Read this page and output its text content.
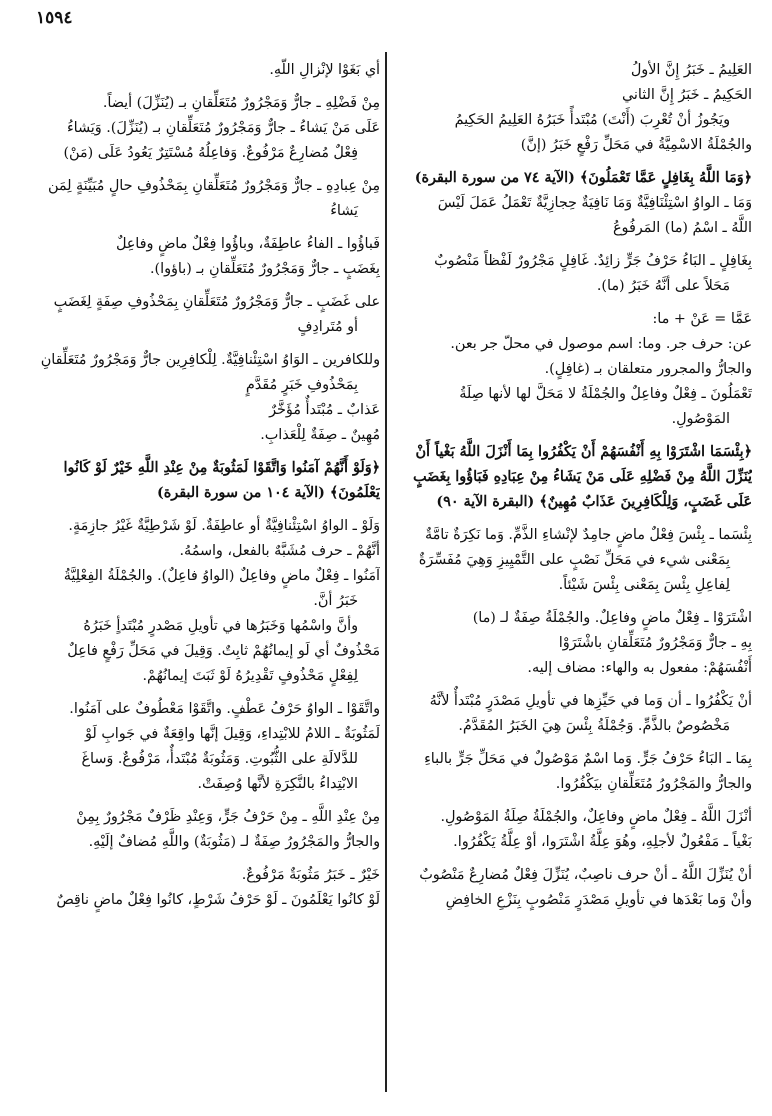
١٥٩٤

العَلِيمُ ـ خَبَرُ إِنَّ الأولُ

الحَكِيمُ ـ خَبَرُ إِنَّ الثاني

ويَجُوزُ أنْ تُعْرِبَ (أَنْتَ) مُبْتَدأً خَبَرُهُ العَلِيمُ الحَكِيمُ

والجُمْلَةُ الاسْمِيَّةُ في مَحَلِّ رَفْعٍ خَبَرُ (إنَّ)

﴿وَمَا اللَّهُ بِغَافِلٍ عَمَّا تَعْمَلُونَ﴾ (الآية ٧٤ من سورة البقرة)

وَمَا ـ الواوُ اسْتِئْنَافِيَّةٌ وَمَا نَافِيَةٌ حِجازِيَّةٌ تَعْمَلُ عَمَلَ لَيْسَ

اللَّهُ ـ اسْمُ (ما) المَرفُوعُ

بِغَافِلٍ ـ البَاءُ حَرْفُ جَرٍّ زائِدٌ. غَافِلٍ مَجْرُورٌ لَفْظاً مَنْصُوبٌ

مَحَلاً على أنَّهُ خَبَرُ (ما).

عَمَّا = عَنْ + ما:

عن: حرف جر. وما: اسم موصول في محلّ جر بعن.

والجارُّ والمجرور متعلقان بـ (غافِلٍ).

تَعْمَلُونَ ـ فِعْلٌ وفاعِلٌ والجُمْلَةُ لا مَحَلَّ لها لأنها صِلَةُ

المَوْصُولِ.

﴿بِئْسَمَا اشْتَرَوْا بِهِ أَنْفُسَهُمْ أَنْ يَكْفُرُوا بِمَا أَنْزَلَ اللَّهُ بَغْياً أَنْ

يُنَزِّلَ اللَّهُ مِنْ فَضْلِهِ عَلَى مَنْ يَشَاءُ مِنْ عِبَادِهِ فَبَاؤُوا بِغَضَبٍ

عَلَى غَضَبٍ، وَلِلْكَافِرِينَ عَذَابٌ مُهِينٌ﴾ (البقرة الآية ٩٠)

بِئْسَما ـ بِئْسَ فِعْلٌ ماضٍ جامِدٌ لإنْشاءِ الذَّمِّ. وَما نَكِرَةٌ تامَّةٌ

بِمَعْنى شيء في مَحَلِّ نَصْبٍ على التَّمْيِيزِ وَهِيَ مُفَسِّرَةٌ

لِفاعِلِ بِئْسَ بِمَعْنى بِئْسَ شَيْئاً.

اشْتَرَوْا ـ فِعْلٌ ماضٍ وفاعِلٌ. والجُمْلَةُ صِفَةٌ لـ (ما)

بِهِ ـ جارٌّ وَمَجْرُورٌ مُتَعَلِّقانِ باشْتَرَوْا

أَنْفُسَهُمْ: مفعول به والهاء: مضاف إليه.

أنْ يَكْفُرُوا ـ أن وَما في حَيِّزِها في تأويلِ مَصْدَرٍ مُبْتَدأٌ لأنَّهُ

مَخْصُوصٌ بالذَّمِّ. وَجُمْلَةُ بِئْسَ هِيَ الخَبَرُ المُقَدَّمُ.

بِمَا ـ البَاءُ حَرْفُ جَرٍّ. وَما اسْمٌ مَوْصُولٌ في مَحَلِّ جَرٍّ بالباءِ

والجارُّ والمَجْرُورُ مُتَعَلِّقانِ بيَكْفُرُوا.

أنْزَلَ اللَّهُ ـ فِعْلٌ ماضٍ وفاعِلٌ، والجُمْلَةُ صِلَةُ المَوْصُولِ.

بَغْياً ـ مَفْعُولٌ لأجلِهِ، وهُوَ عِلَّةُ اشْتَرَوا، أوْ عِلَّةُ يَكْفُرُوا.

أنْ يُنَزِّلَ اللَّهُ ـ أنْ حرف ناصِبٌ، يُنَزِّلَ فِعْلٌ مُضارِعٌ مَنْصُوبٌ

وأنْ وَما بَعْدَها في تأويلِ مَصْدَرٍ مَنْصُوبٍ بِنَزْعِ الخافِضِ

أي بَغَوْا لإنْزالِ اللَّهِ.

مِنْ فَضْلِهِ ـ جارٌّ وَمَجْرُورٌ مُتَعَلِّقانِ بـ (يُنَزِّلَ) أيضاً.

عَلَى مَنْ يَشاءُ ـ جارٌّ وَمَجْرُورٌ مُتَعَلِّقانِ بـ (يُنَزِّلَ). وَيَشاءُ

فِعْلٌ مُضارِعٌ مَرْفُوعٌ. وَفاعِلُهُ مُسْتَتِرٌ يَعُودُ عَلَى (مَنْ)

مِنْ عِبادِهِ ـ جارٌّ وَمَجْرُورٌ مُتَعَلِّقانِ بِمَحْذُوفِ حالٍ مُبَيِّنَةٍ لِمَن

يَشاءُ

فَباؤُوا ـ الفاءُ عاطِفَةٌ، وباؤُوا فِعْلٌ ماضٍ وفاعِلٌ

بِغَضَبٍ ـ جارٌّ وَمَجْرُورٌ مُتَعَلِّقانِ بـ (باؤوا).

على غَضَبٍ ـ جارٌّ وَمَجْرُورٌ مُتَعَلِّقانِ بِمَحْذُوفِ صِفَةٍ لِغَضَبٍ

أو مُتَرادِفٍ

وللكافرين ـ الوَاوُ اسْتِئْنافِيَّةٌ. لِلْكافِرِين جارٌّ وَمَجْرُورٌ مُتَعَلِّقانِ

بِمَحْذُوفِ خَبَرٍ مُقَدَّمٍ

عَذابٌ ـ مُبْتَدأٌ مُؤَخَّرٌ

مُهِينٌ ـ صِفَةٌ لِلْعَذابِ.

﴿وَلَوْ أَنَّهُمْ آمَنُوا وَاتَّقَوْا لَمَثُوبَةٌ مِنْ عِنْدِ اللَّهِ خَيْرٌ لَوْ كَانُوا

يَعْلَمُونَ﴾ (الآية ١٠٤ من سورة البقرة)

وَلَوْ ـ الواوُ اسْتِئْنافِيَّةٌ أو عاطِفَةٌ. لَوْ شَرْطِيَّةٌ غَيْرُ جازِمَةٍ.

أنَّهُمْ ـ حرف مُشَبَّهٌ بالفعل، واسمُهُ.

آمَنُوا ـ فِعْلٌ ماضٍ وفاعِلٌ (الواوُ فاعِلٌ). والجُمْلَةُ الفِعْلِيَّةُ

خَبَرُ أنَّ.

وأنَّ واسْمُها وَخَبَرُها في تأويلِ مَصْدرٍ مُبْتَدأٍ خَبَرُهُ

مَحْذُوفٌ أي لَو إيمانُهُمْ ثابِتٌ. وَقِيلَ في مَحَلِّ رَفْعٍ فاعِلٌ

لِفِعْلٍ مَحْذُوفٍ تَقْدِيرُهُ لَوْ ثَبَتَ إيمانُهُمْ.

واتَّقَوْا ـ الواوُ حَرْفُ عَطْفٍ. واتَّقَوْا مَعْطُوفٌ على آمَنُوا.

لَمَثُوبَةٌ ـ اللامُ للابْتِداءِ، وَقِيلَ إنَّها واقِعَةٌ في جَوابِ لَوْ

للدَّلالَةِ على الثُّبُوتِ. وَمَثُوبَةٌ مُبْتَدأٌ، مَرْفُوعٌ. وَساغَ

الابْتِداءُ بالنَّكِرَةِ لأنَّها وُصِفَتْ.

مِنْ عِنْدِ اللَّهِ ـ مِنْ حَرْفُ جَرٍّ، وَعِنْدِ ظَرْفٌ مَجْرُورٌ بِمِنْ

والجارُّ والمَجْرُورُ صِفَةٌ لـ (مَثُوبَةٌ) واللَّهِ مُضافٌ إلَيْهِ.

خَيْرٌ ـ خَبَرُ مَثُوبَةٌ مَرْفُوعٌ.

لَوْ كانُوا يَعْلَمُونَ ـ لَوْ حَرْفُ شَرْطٍ، كانُوا فِعْلٌ ماضٍ ناقِصٌ
